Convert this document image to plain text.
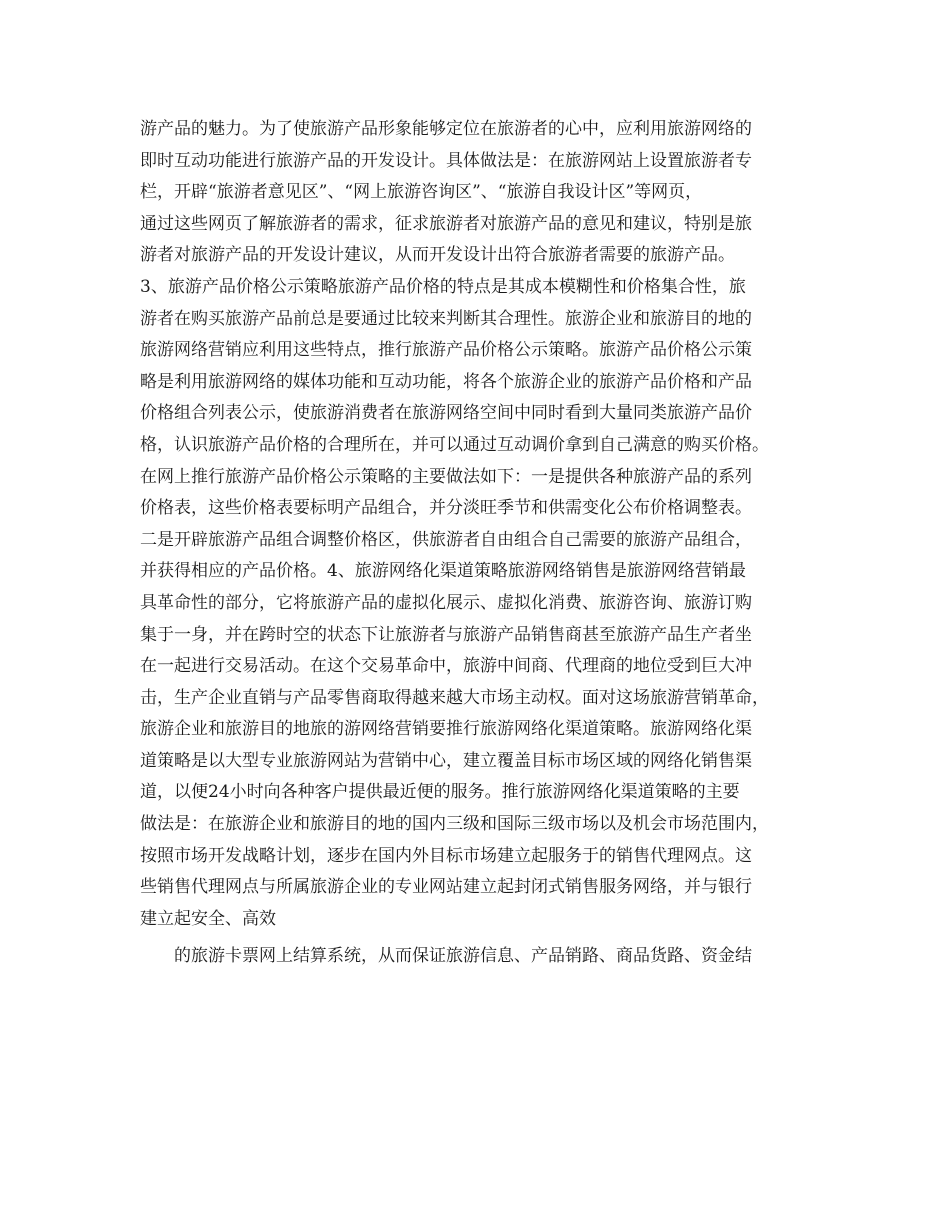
游产品的魅力。为了使旅游产品形象能够定位在旅游者的心中，应利用旅游网络的
即时互动功能进行旅游产品的开发设计。具体做法是：在旅游网站上设置旅游者专
栏，开辟“旅游者意见区”、“网上旅游咨询区”、“旅游自我设计区”等网页，
通过这些网页了解旅游者的需求，征求旅游者对旅游产品的意见和建议，特别是旅
游者对旅游产品的开发设计建议，从而开发设计出符合旅游者需要的旅游产品。
3、旅游产品价格公示策略旅游产品价格的特点是其成本模糊性和价格集合性，旅
游者在购买旅游产品前总是要通过比较来判断其合理性。旅游企业和旅游目的地的
旅游网络营销应利用这些特点，推行旅游产品价格公示策略。旅游产品价格公示策
略是利用旅游网络的媒体功能和互动功能，将各个旅游企业的旅游产品价格和产品
价格组合列表公示，使旅游消费者在旅游网络空间中同时看到大量同类旅游产品价
格，认识旅游产品价格的合理所在，并可以通过互动调价拿到自己满意的购买价格。
在网上推行旅游产品价格公示策略的主要做法如下：一是提供各种旅游产品的系列
价格表，这些价格表要标明产品组合，并分淡旺季节和供需变化公布价格调整表。
二是开辟旅游产品组合调整价格区，供旅游者自由组合自己需要的旅游产品组合，
并获得相应的产品价格。4、旅游网络化渠道策略旅游网络销售是旅游网络营销最
具革命性的部分，它将旅游产品的虚拟化展示、虚拟化消费、旅游咨询、旅游订购
集于一身，并在跨时空的状态下让旅游者与旅游产品销售商甚至旅游产品生产者坐
在一起进行交易活动。在这个交易革命中，旅游中间商、代理商的地位受到巨大冲
击，生产企业直销与产品零售商取得越来越大市场主动权。面对这场旅游营销革命，
旅游企业和旅游目的地旅的游网络营销要推行旅游网络化渠道策略。旅游网络化渠
道策略是以大型专业旅游网站为营销中心，建立覆盖目标市场区域的网络化销售渠
道，以便24小时向各种客户提供最近便的服务。推行旅游网络化渠道策略的主要
做法是：在旅游企业和旅游目的地的国内三级和国际三级市场以及机会市场范围内，
按照市场开发战略计划，逐步在国内外目标市场建立起服务于的销售代理网点。这
些销售代理网点与所属旅游企业的专业网站建立起封闭式销售服务网络，并与银行
建立起安全、高效
的旅游卡票网上结算系统，从而保证旅游信息、产品销路、商品货路、资金结
